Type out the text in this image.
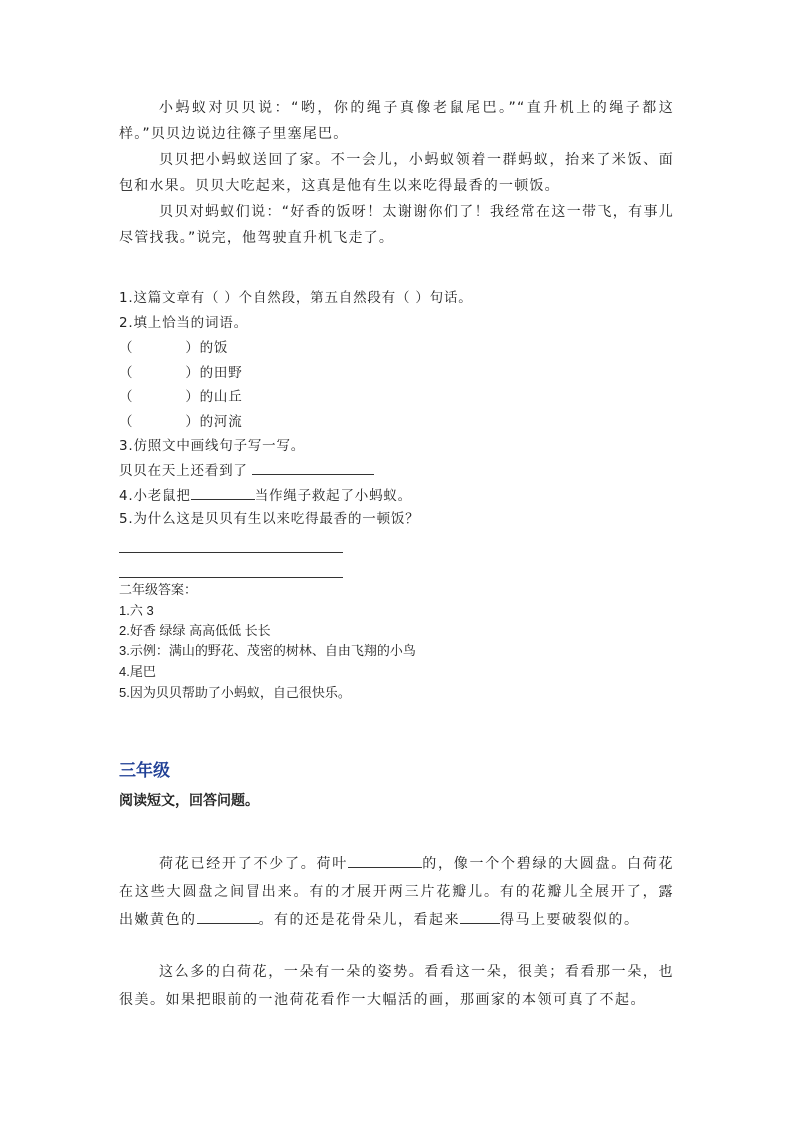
小蚂蚁对贝贝说：“哟，你的绳子真像老鼠尾巴。”“直升机上的绳子都这样。”贝贝边说边往篠子里塞尾巴。

贝贝把小蚂蚁送回了家。不一会儿，小蚂蚁领着一群蚂蚁，抬来了米饭、面包和水果。贝贝大吃起来，这真是他有生以来吃得最香的一顿饭。

贝贝对蚂蚁们说：“好香的饭呀！太谢谢你们了！我经常在这一带飞，有事儿尽管找我。”说完，他驾驶直升机飞走了。

1.这篇文章有（ ）个自然段，第五自然段有（ ）句话。

2.填上恰当的词语。

（	）的饭

（	）的田野

（	）的山丘

（	）的河流

3.仿照文中画线句子写一写。

贝贝在天上还看到了

4.小老鼠把	当作绳子救起了小蚂蚁。

5.为什么这是贝贝有生以来吃得最香的一顿饭？

二年级答案：

1.六 3

2.好香 绿绿 高高低低 长长

3.示例：满山的野花、茂密的树林、自由飞翔的小鸟

4.尾巴

5.因为贝贝帮助了小蚂蚁，自己很快乐。

三年级

阅读短文，回答问题。

荷花已经开了不少了。荷叶	的，像一个个碧绿的大圆盘。白荷花在这些大圆盘之间冒出来。有的才展开两三片花瓣儿。有的花瓣儿全展开了，露出嫩黄色的	。有的还是花骨朵儿，看起来	得马上要破裂似的。

这么多的白荷花，一朵有一朵的姿势。看看这一朵，很美；看看那一朵，也很美。如果把眼前的一池荷花看作一大幅活的画，那画家的本领可真了不起。
